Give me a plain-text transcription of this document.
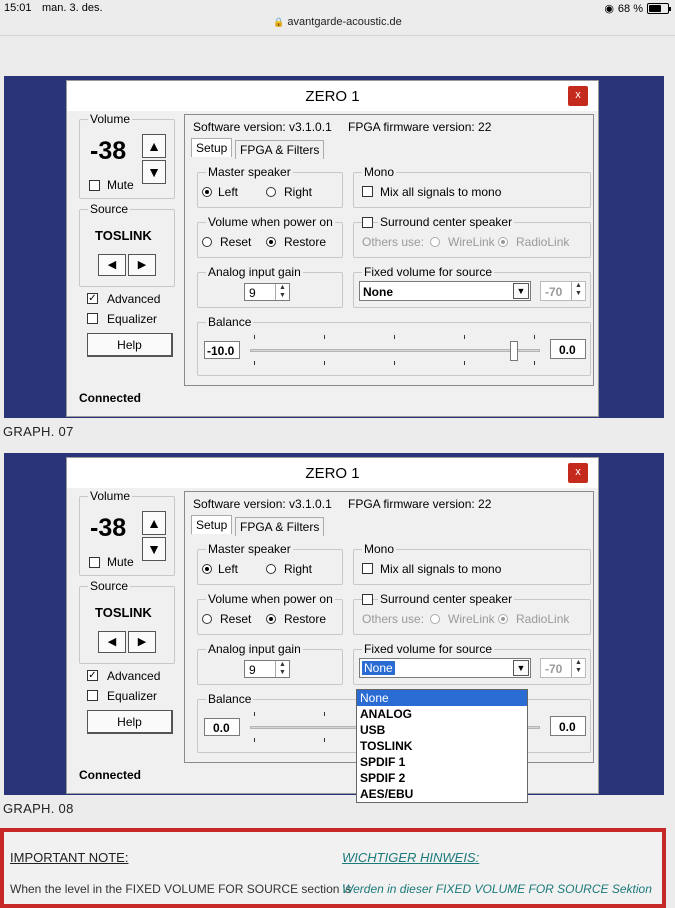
15:01 man. 3. des.	◉ 68 %
🔒 avantgarde-acoustic.de
ZERO 1	x
Volume
-38	▲
▼
Mute
Source
TOSLINK
◀	▶
✓ Advanced
Equalizer
Help
Connected
Software version: v3.1.0.1 FPGA firmware version: 22
Setup	FPGA & Filters
Master speaker
Left	Right
Mono
Mix all signals to mono
Volume when power on
Reset	Restore
Surround center speaker
Others use: WireLink RadioLink
Analog input gain
9	▲
▼
Fixed volume for source
None	▼ -70	▲
▼
Balance
-10.0	0.0
GRAPH. 07
ZERO 1	x
Volume
-38	▲
▼
Mute
Source
TOSLINK
◀	▶
✓ Advanced
Equalizer
Help
Connected
Software version: v3.1.0.1 FPGA firmware version: 22
Setup	FPGA & Filters
Master speaker
Left	Right
Mono
Mix all signals to mono
Volume when power on
Reset	Restore
Surround center speaker
Others use: WireLink RadioLink
Analog input gain
9	▲
▼
Fixed volume for source
None	▼ -70	▲
▼
Balance
0.0	0.0
None
ANALOG
USB
TOSLINK
SPDIF 1
SPDIF 2
AES/EBU
GRAPH. 08
IMPORTANT NOTE:	WICHTIGER HINWEIS:
When the level in the FIXED VOLUME FOR SOURCE section is
Werden in dieser FIXED VOLUME FOR SOURCE Sektion
